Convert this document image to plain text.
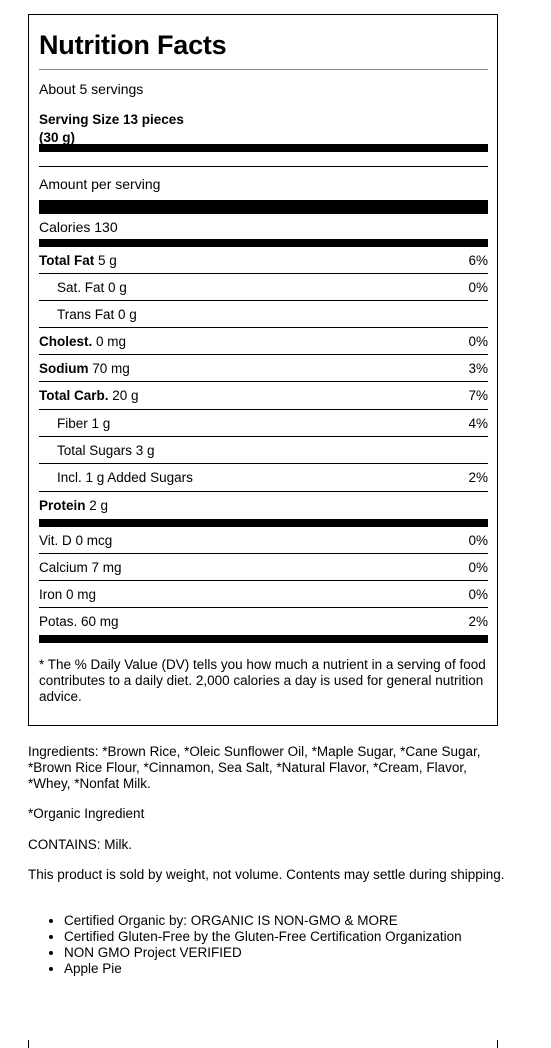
Nutrition Facts
About 5 servings
Serving Size 13 pieces
(30 g)
Amount per serving
Calories 130
Total Fat 5 g	6%
Sat. Fat 0 g	0%
Trans Fat 0 g
Cholest. 0 mg	0%
Sodium 70 mg	3%
Total Carb. 20 g	7%
Fiber 1 g	4%
Total Sugars 3 g
Incl. 1 g Added Sugars	2%
Protein 2 g
Vit. D 0 mcg	0%
Calcium 7 mg	0%
Iron 0 mg	0%
Potas. 60 mg	2%
* The % Daily Value (DV) tells you how much a nutrient in a serving of food contributes to a daily diet. 2,000 calories a day is used for general nutrition advice.
Ingredients: *Brown Rice, *Oleic Sunflower Oil, *Maple Sugar, *Cane Sugar, *Brown Rice Flour, *Cinnamon, Sea Salt, *Natural Flavor, *Cream, Flavor, *Whey, *Nonfat Milk.
*Organic Ingredient
CONTAINS: Milk.
This product is sold by weight, not volume. Contents may settle during shipping.
• Certified Organic by: ORGANIC IS NON-GMO & MORE
• Certified Gluten-Free by the Gluten-Free Certification Organization
• NON GMO Project VERIFIED
• Apple Pie
